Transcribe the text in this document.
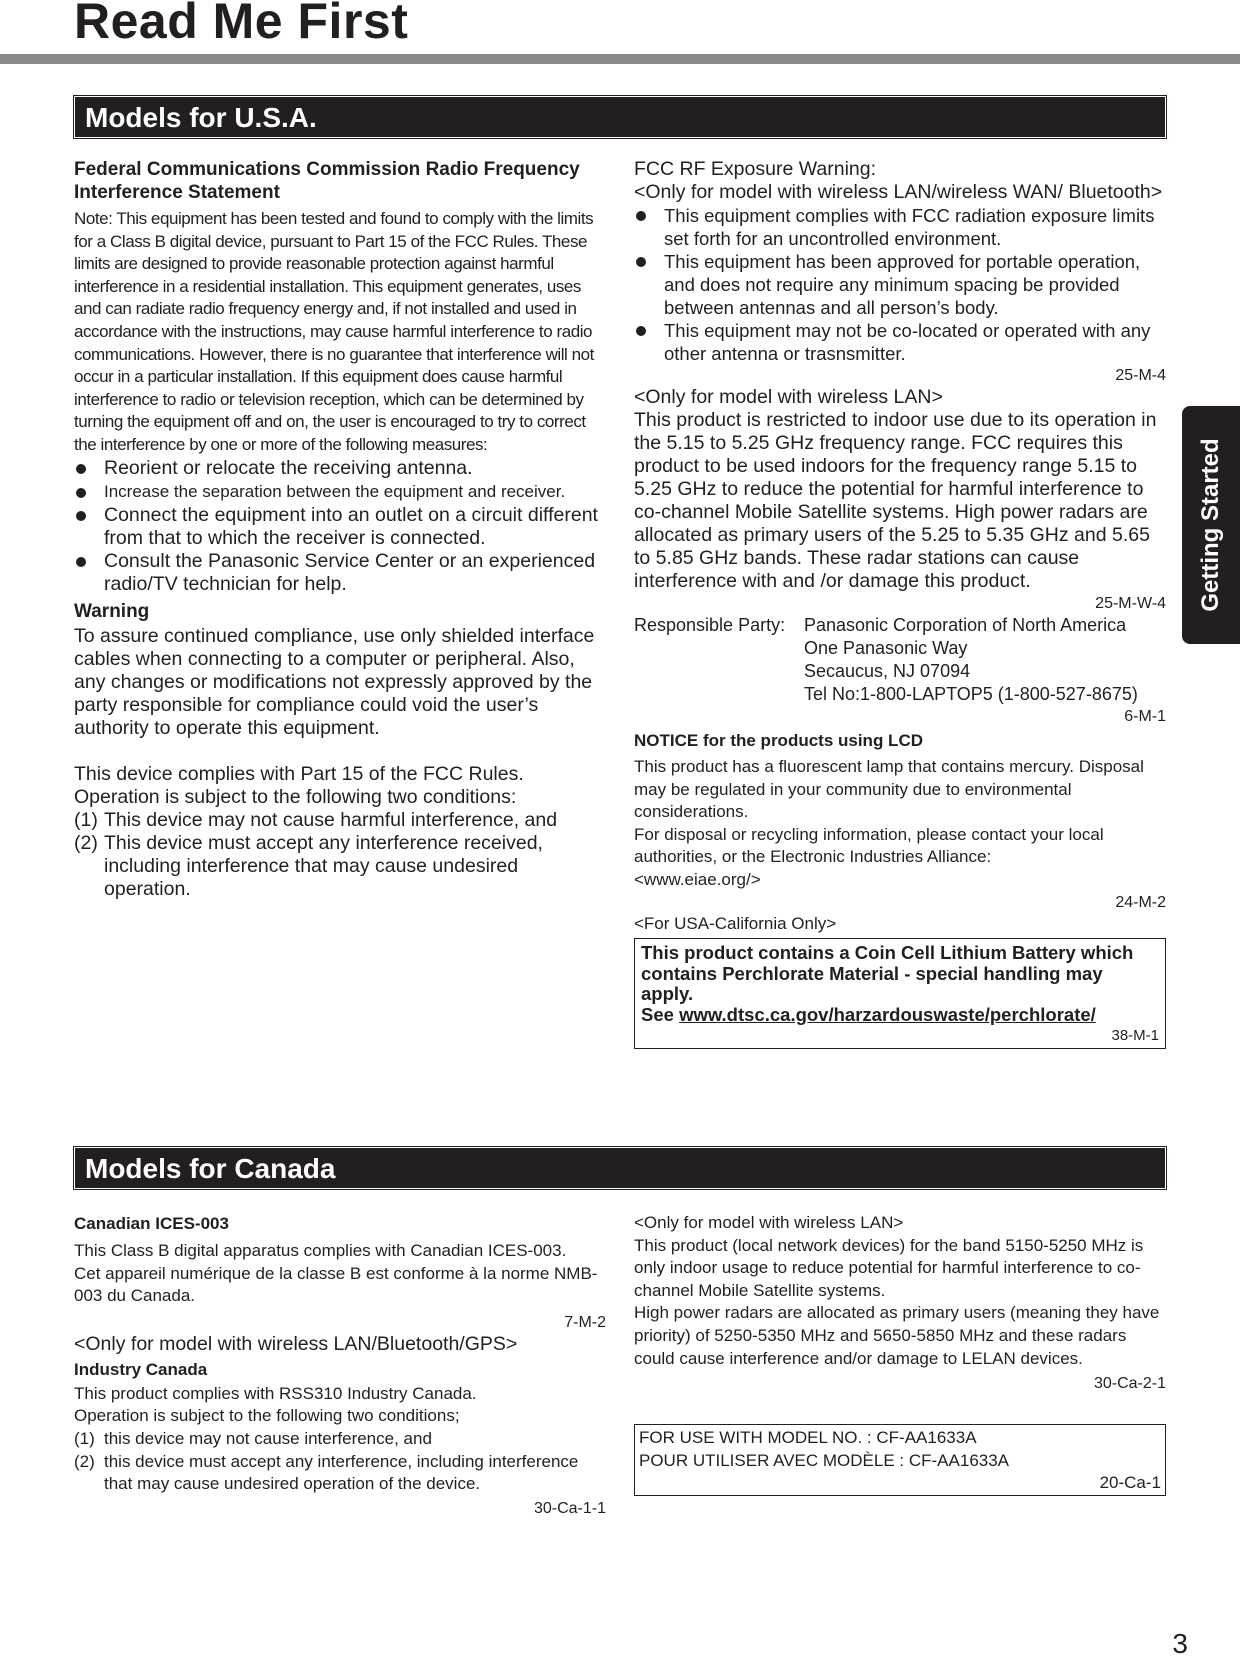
Read Me First
Getting Started
Models for U.S.A.

Federal Communications Commission Radio Frequency Interference Statement

Note: This equipment has been tested and found to comply with the limits for a Class B digital device, pursuant to Part 15 of the FCC Rules. These limits are designed to provide reasonable protection against harmful interference in a residential installation. This equipment generates, uses and can radiate radio frequency energy and, if not installed and used in accordance with the instructions, may cause harmful interference to radio communications. However, there is no guarantee that interference will not occur in a particular installation. If this equipment does cause harmful interference to radio or television reception, which can be determined by turning the equipment off and on, the user is encouraged to try to correct the interference by one or more of the following measures:

Reorient or relocate the receiving antenna.

Increase the separation between the equipment and receiver.

Connect the equipment into an outlet on a circuit different from that to which the receiver is connected.

Consult the Panasonic Service Center or an experienced radio/TV technician for help.

Warning

To assure continued compliance, use only shielded interface cables when connecting to a computer or peripheral. Also, any changes or modifications not expressly approved by the party responsible for compliance could void the user’s authority to operate this equipment.

This device complies with Part 15 of the FCC Rules. Operation is subject to the following two conditions:

(1) This device may not cause harmful interference, and

(2) This device must accept any interference received, including interference that may cause undesired operation.

FCC RF Exposure Warning:

<Only for model with wireless LAN/wireless WAN/ Bluetooth>

This equipment complies with FCC radiation exposure limits set forth for an uncontrolled environment.

This equipment has been approved for portable operation, and does not require any minimum spacing be provided between antennas and all person’s body.

This equipment may not be co-located or operated with any other antenna or trasnsmitter.

25-M-4

<Only for model with wireless LAN>

This product is restricted to indoor use due to its operation in the 5.15 to 5.25 GHz frequency range. FCC requires this product to be used indoors for the frequency range 5.15 to 5.25 GHz to reduce the potential for harmful interference to co-channel Mobile Satellite systems. High power radars are allocated as primary users of the 5.25 to 5.35 GHz and 5.65 to 5.85 GHz bands. These radar stations can cause interference with and /or damage this product.

25-M-W-4

Responsible Party:	Panasonic Corporation of North America
One Panasonic Way
Secaucus, NJ 07094
Tel No:1-800-LAPTOP5 (1-800-527-8675)

6-M-1

NOTICE for the products using LCD

This product has a fluorescent lamp that contains mercury. Disposal may be regulated in your community due to environmental considerations.

For disposal or recycling information, please contact your local authorities, or the Electronic Industries Alliance:

<www.eiae.org/>

24-M-2

<For USA-California Only>

This product contains a Coin Cell Lithium Battery which contains Perchlorate Material - special handling may apply.

See www.dtsc.ca.gov/harzardouswaste/perchlorate/

38-M-1

Models for Canada

Canadian ICES-003

This Class B digital apparatus complies with Canadian ICES-003.

Cet appareil numérique de la classe B est conforme à la norme NMB-003 du Canada.

7-M-2

<Only for model with wireless LAN/Bluetooth/GPS>

Industry Canada

This product complies with RSS310 Industry Canada.

Operation is subject to the following two conditions;

(1) this device may not cause interference, and

(2) this device must accept any interference, including interference that may cause undesired operation of the device.

30-Ca-1-1

<Only for model with wireless LAN>

This product (local network devices) for the band 5150-5250 MHz is only indoor usage to reduce potential for harmful interference to co-channel Mobile Satellite systems.

High power radars are allocated as primary users (meaning they have priority) of 5250-5350 MHz and 5650-5850 MHz and these radars could cause interference and/or damage to LELAN devices.

30-Ca-2-1

FOR USE WITH MODEL NO. : CF-AA1633A

POUR UTILISER AVEC MODÈLE : CF-AA1633A

20-Ca-1

3
